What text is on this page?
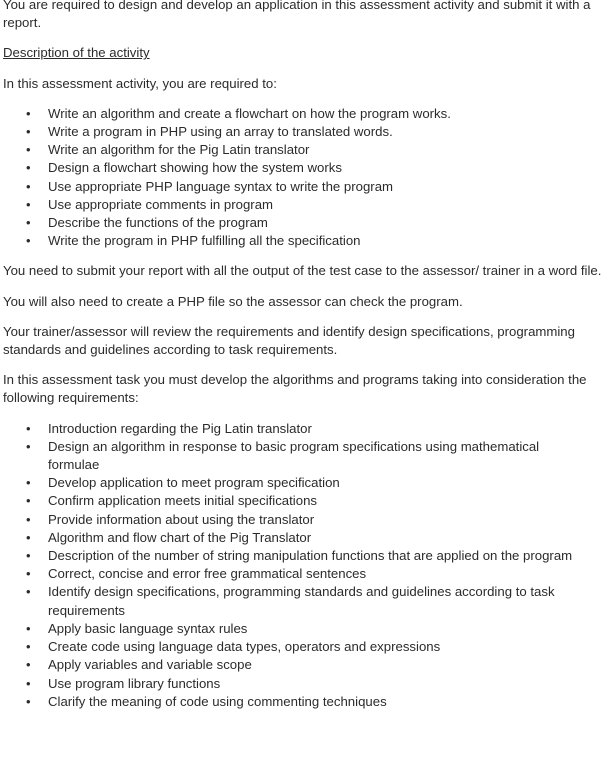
You are required to design and develop an application in this assessment activity and submit it with a report.

Description of the activity

In this assessment activity, you are required to:

• Write an algorithm and create a flowchart on how the program works.
• Write a program in PHP using an array to translated words.
• Write an algorithm for the Pig Latin translator
• Design a flowchart showing how the system works
• Use appropriate PHP language syntax to write the program
• Use appropriate comments in program
• Describe the functions of the program
• Write the program in PHP fulfilling all the specification

You need to submit your report with all the output of the test case to the assessor/ trainer in a word file.

You will also need to create a PHP file so the assessor can check the program.

Your trainer/assessor will review the requirements and identify design specifications, programming standards and guidelines according to task requirements.

In this assessment task you must develop the algorithms and programs taking into consideration the following requirements:

• Introduction regarding the Pig Latin translator
• Design an algorithm in response to basic program specifications using mathematical formulae
• Develop application to meet program specification
• Confirm application meets initial specifications
• Provide information about using the translator
• Algorithm and flow chart of the Pig Translator
• Description of the number of string manipulation functions that are applied on the program
• Correct, concise and error free grammatical sentences
• Identify design specifications, programming standards and guidelines according to task requirements
• Apply basic language syntax rules
• Create code using language data types, operators and expressions
• Apply variables and variable scope
• Use program library functions
• Clarify the meaning of code using commenting techniques
